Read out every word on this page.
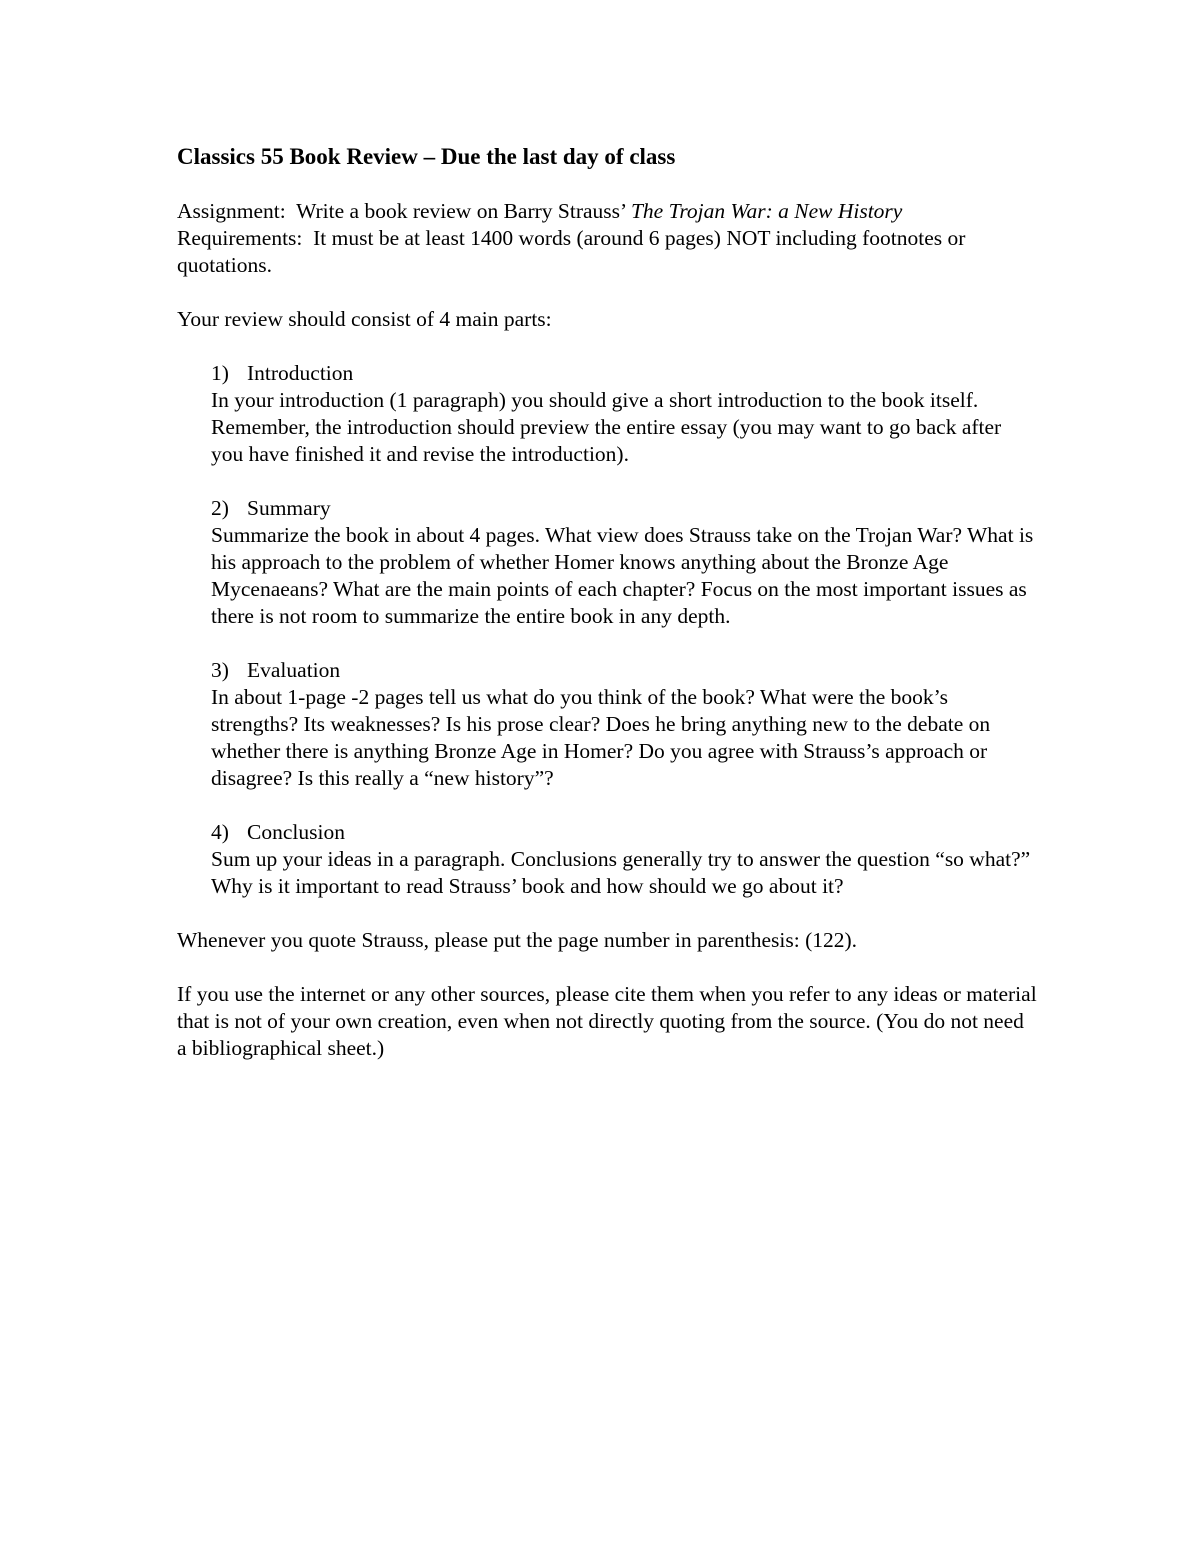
Classics 55 Book Review – Due the last day of class

Assignment: Write a book review on Barry Strauss’ The Trojan War: a New History

Requirements: It must be at least 1400 words (around 6 pages) NOT including footnotes or quotations.

Your review should consist of 4 main parts:

1) Introduction

In your introduction (1 paragraph) you should give a short introduction to the book itself. Remember, the introduction should preview the entire essay (you may want to go back after you have finished it and revise the introduction).

2) Summary

Summarize the book in about 4 pages. What view does Strauss take on the Trojan War? What is his approach to the problem of whether Homer knows anything about the Bronze Age Mycenaeans? What are the main points of each chapter? Focus on the most important issues as there is not room to summarize the entire book in any depth.

3) Evaluation

In about 1-page -2 pages tell us what do you think of the book? What were the book’s strengths? Its weaknesses? Is his prose clear? Does he bring anything new to the debate on whether there is anything Bronze Age in Homer? Do you agree with Strauss’s approach or disagree? Is this really a “new history”?

4) Conclusion

Sum up your ideas in a paragraph. Conclusions generally try to answer the question “so what?” Why is it important to read Strauss’ book and how should we go about it?

Whenever you quote Strauss, please put the page number in parenthesis: (122).

If you use the internet or any other sources, please cite them when you refer to any ideas or material that is not of your own creation, even when not directly quoting from the source. (You do not need a bibliographical sheet.)
